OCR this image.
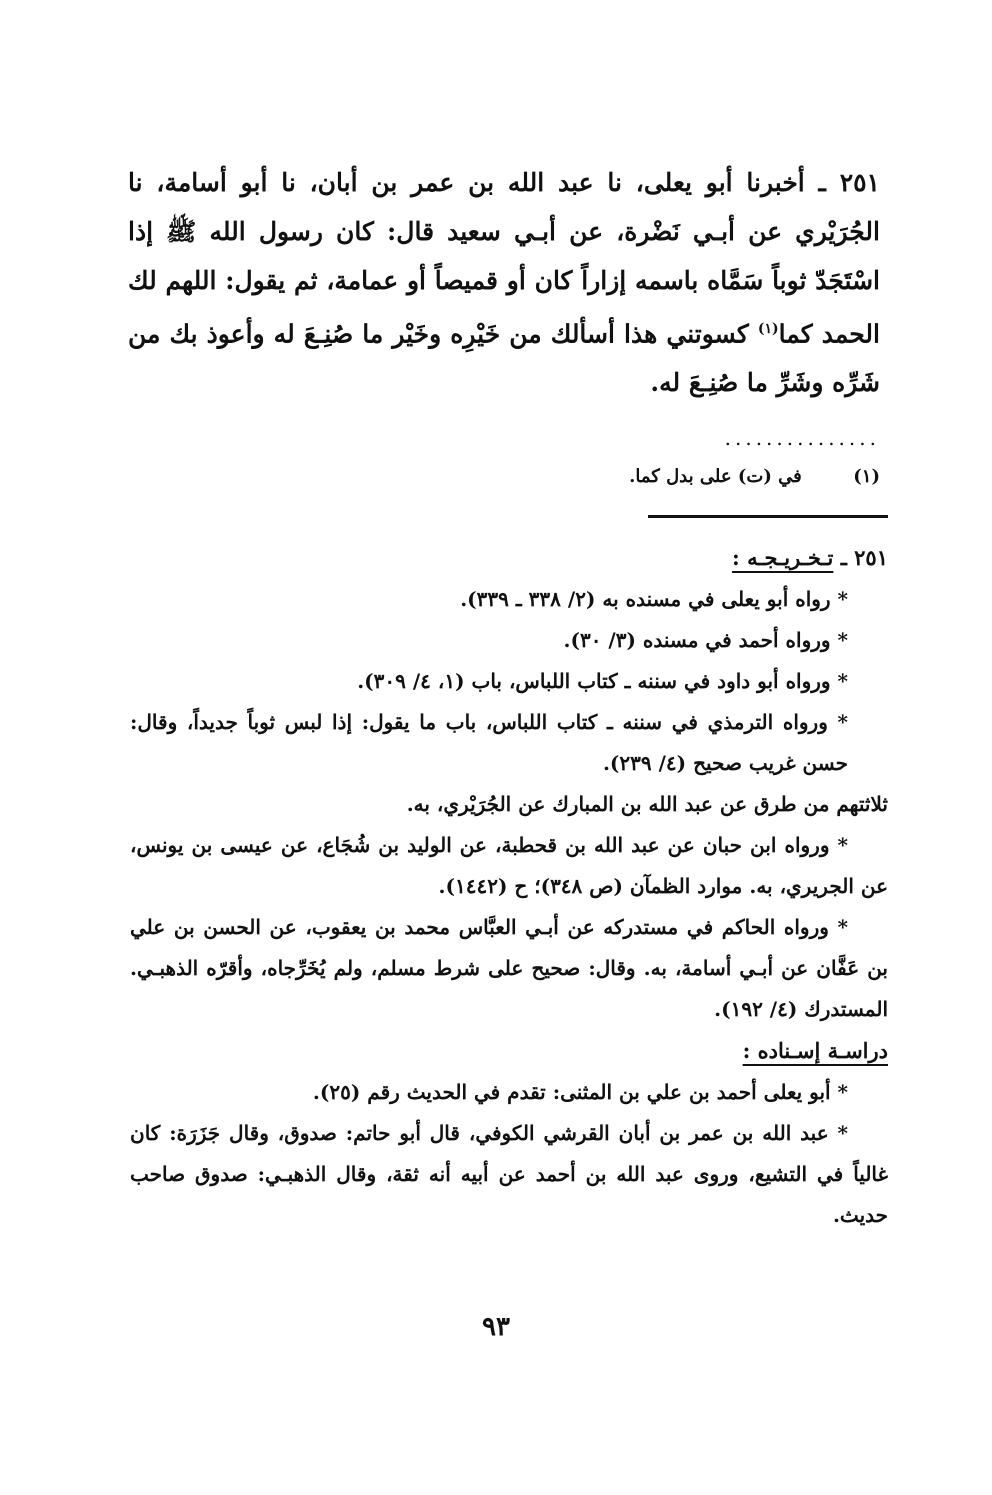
٢٥١ ـ أخبرنا أبو يعلى، نا عبد الله بن عمر بن أبان، نا أبو أسامة، نا الجُرَيْري عن أبـي نَضْرة، عن أبـي سعيد قال: كان رسول الله ﷺ إذا اسْتَجَدّ ثوباً سَمَّاه باسمه إزاراً كان أو قميصاً أو عمامة، ثم يقول: اللهم لك الحمد كما$^{(١)}$ كسوتني هذا أسألك من خَيْرِه وخَيْر ما صُنِـعَ له وأعوذ بك من شَرِّه وشَرِّ ما صُنِـعَ له.
...............
(١) في (ت) على بدل كما.

٢٥١ ـ تـخـريـجـه :

* رواه أبو يعلى في مسنده به (٢/ ٣٣٨ ـ ٣٣٩).

* ورواه أحمد في مسنده (٣/ ٣٠).

* ورواه أبو داود في سننه ـ كتاب اللباس، باب (١، ٤/ ٣٠٩).

* ورواه الترمذي في سننه ـ كتاب اللباس، باب ما يقول: إذا لبس ثوباً جديداً، وقال: حسن غريب صحيح (٤/ ٢٣٩).

ثلاثتهم من طرق عن عبد الله بن المبارك عن الجُرَيْري، به.

* ورواه ابن حبان عن عبد الله بن قحطبة، عن الوليد بن شُجَاع، عن عيسى بن يونس، عن الجريري، به. موارد الظمآن (ص ٣٤٨)؛ ح (١٤٤٢).

* ورواه الحاكم في مستدركه عن أبـي العبَّاس محمد بن يعقوب، عن الحسن بن علي بن عَفَّان عن أبـي أسامة، به. وقال: صحيح على شرط مسلم، ولم يُخَرِّجاه، وأقرّه الذهبـي. المستدرك (٤/ ١٩٢).

دراسـة إسـناده :

* أبو يعلى أحمد بن علي بن المثنى: تقدم في الحديث رقم (٢٥).

* عبد الله بن عمر بن أبان القرشي الكوفي، قال أبو حاتم: صدوق، وقال جَزَرَة: كان غالياً في التشيع، وروى عبد الله بن أحمد عن أبيه أنه ثقة، وقال الذهبـي: صدوق صاحب حديث.

٩٣
